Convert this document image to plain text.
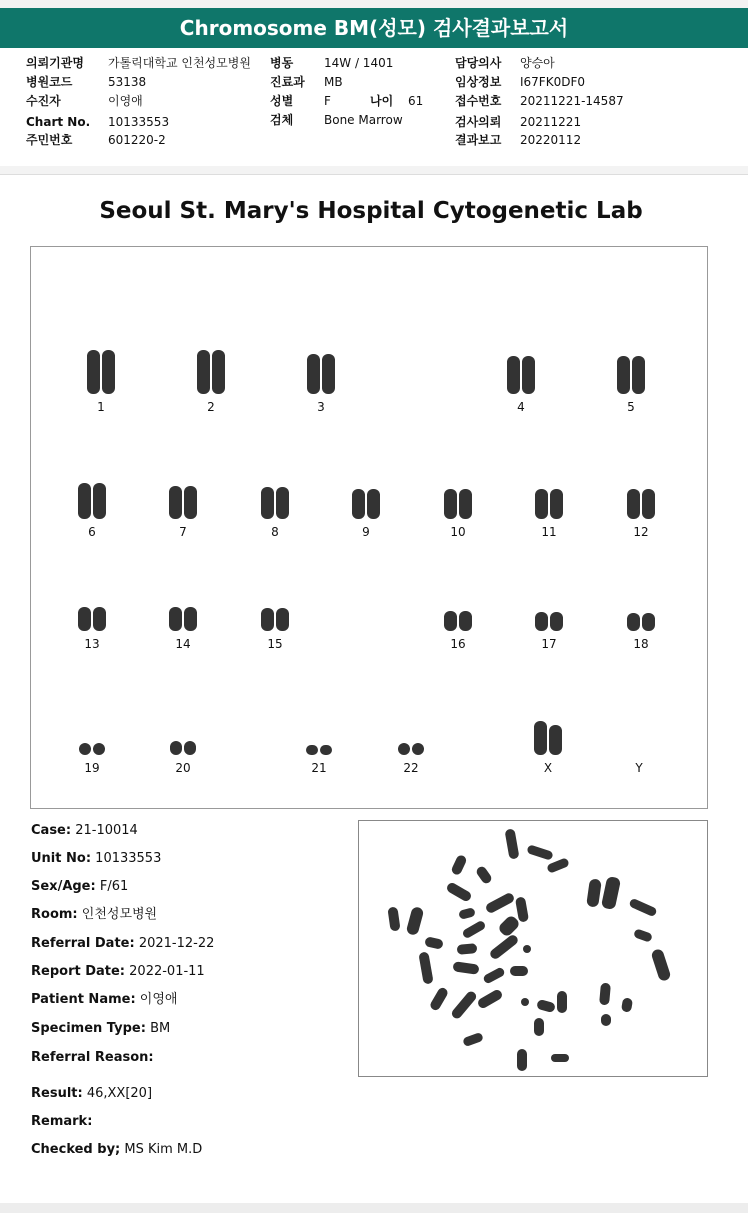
Chromosome BM(성모) 검사결과보고서
의뢰기관명 가톨릭대학교 인천성모병원
병원코드	53138
수진자	이영애
Chart No. 10133553
주민번호	601220-2
병동	14W / 1401
진료과 MB
성별	F	나이 61
검체	Bone Marrow
담당의사 양승아
임상정보 I67FK0DF0
접수번호 20211221-14587
검사의뢰 20211221
결과보고 20220112
Seoul St. Mary's Hospital Cytogenetic Lab
1	2	3	4	5
6	7	8	9	10	11	12
13	14	15	16	17	18
19	20	21	22	X	Y
Case: 21-10014
Unit No: 10133553
Sex/Age: F/61
Room: 인천성모병원
Referral Date: 2021-12-22
Report Date: 2022-01-11
Patient Name: 이영애
Specimen Type: BM
Referral Reason:
Result: 46,XX[20]
Remark:
Checked by; MS Kim M.D
